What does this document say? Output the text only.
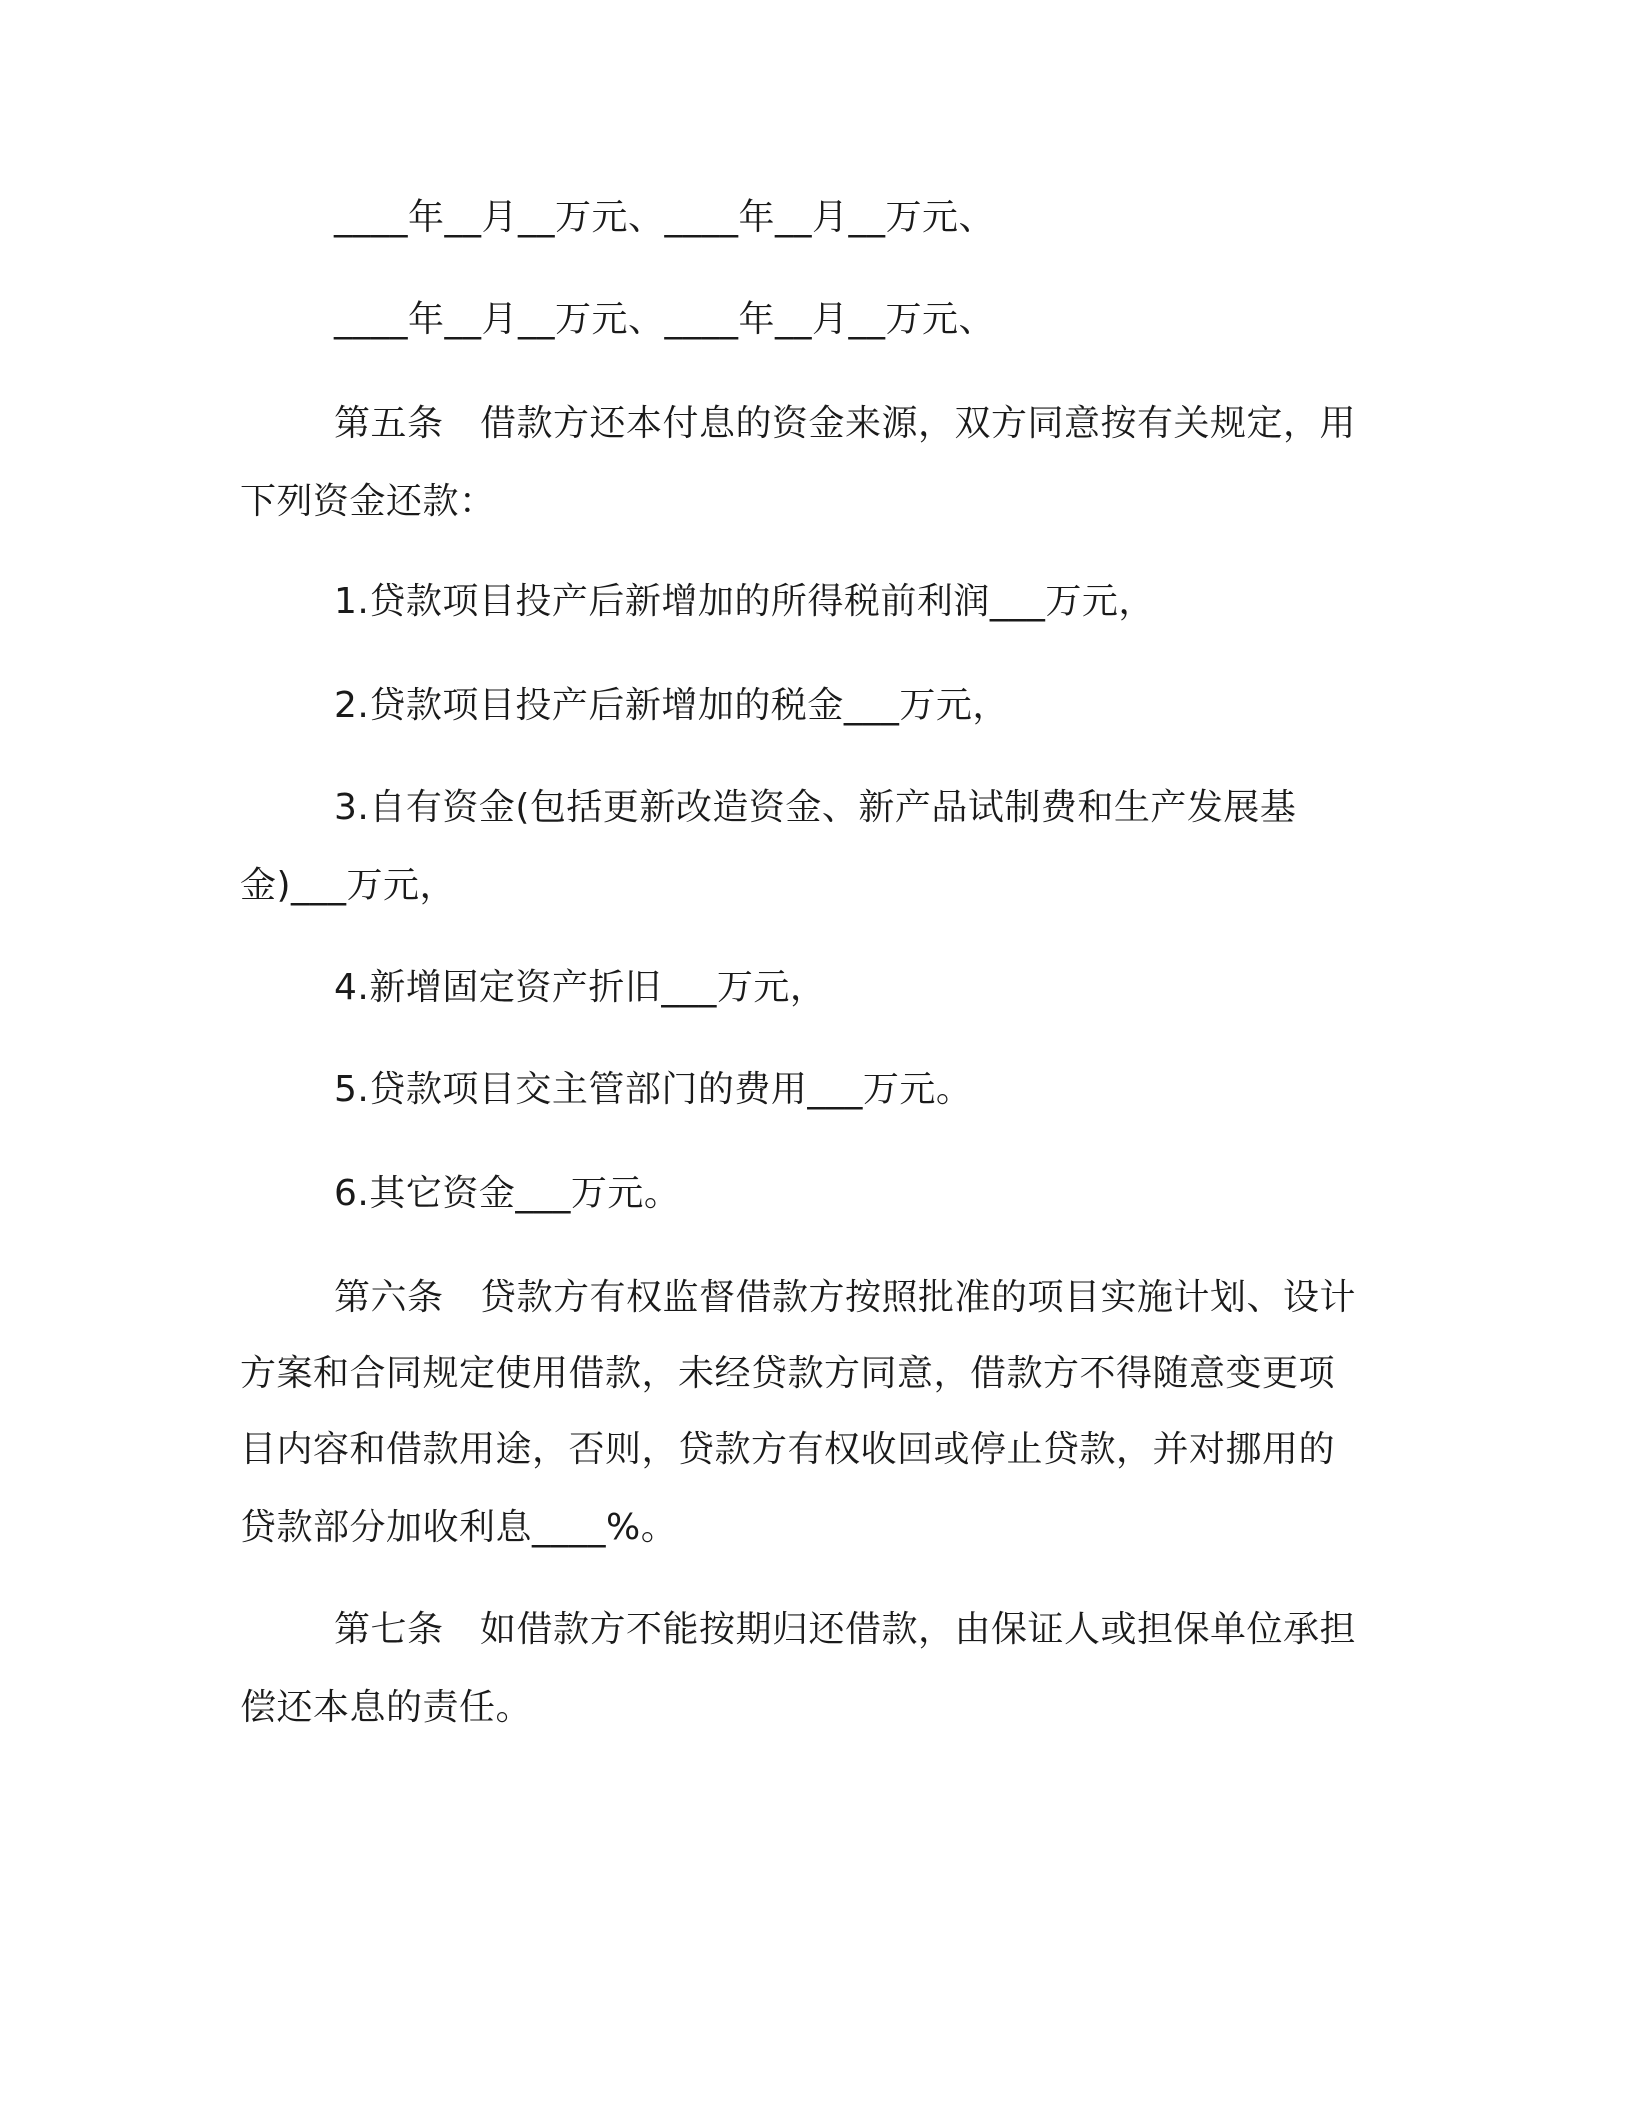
____年__月__万元、____年__月__万元、
____年__月__万元、____年__月__万元、
第五条　借款方还本付息的资金来源，双方同意按有关规定，用
下列资金还款：
1.贷款项目投产后新增加的所得税前利润___万元，
2.贷款项目投产后新增加的税金___万元，
3.自有资金(包括更新改造资金、新产品试制费和生产发展基
金)___万元，
4.新增固定资产折旧___万元，
5.贷款项目交主管部门的费用___万元。
6.其它资金___万元。
第六条　贷款方有权监督借款方按照批准的项目实施计划、设计
方案和合同规定使用借款，未经贷款方同意，借款方不得随意变更项
目内容和借款用途，否则，贷款方有权收回或停止贷款，并对挪用的
贷款部分加收利息____%。
第七条　如借款方不能按期归还借款，由保证人或担保单位承担
偿还本息的责任。
